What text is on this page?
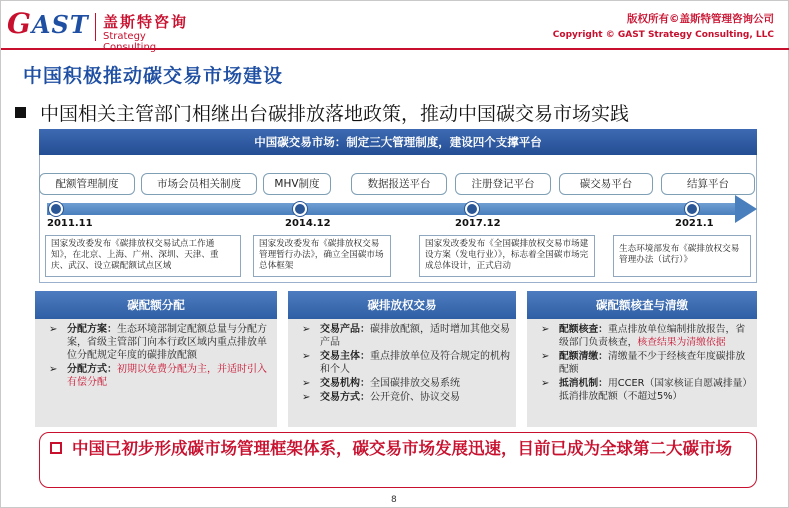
GAST 盖斯特咨询
Strategy
版权所有©盖斯特管理咨询公司
Copyright © GAST Strategy Consulting, LLC
中国积极推动碳交易市场建设
中国相关主管部门相继出台碳排放落地政策，推动中国碳交易市场实践
中国碳交易市场：制定三大管理制度，建设四个支撑平台
配额管理制度	市场会员相关制度	MHV制度	数据报送平台	注册登记平台	碳交易平台	结算平台
2011.11	2014.12	2017.12	2021.1
国家发改委发布《碳排放权交易试点工作通知》，在北京、上海、广州、深圳、天津、重庆、武汉、设立碳配额试点区域
国家发改委发布《碳排放权交易管理暂行办法》，确立全国碳市场总体框架
国家发改委发布《全国碳排放权交易市场建设方案（发电行业）》，标志着全国碳市场完成总体设计，正式启动
生态环境部发布《碳排放权交易管理办法（试行）》
碳配额分配
➢ 分配方案：生态环境部制定配额总量与分配方案，省级主管部门向本行政区域内重点排放单位分配规定年度的碳排放配额
➢ 分配方式：初期以免费分配为主，并适时引入有偿分配
碳排放权交易
➢ 交易产品：碳排放配额，适时增加其他交易产品
➢ 交易主体：重点排放单位及符合规定的机构和个人
➢ 交易机构：全国碳排放交易系统
➢ 交易方式：公开竞价、协议交易
碳配额核查与清缴
➢ 配额核查：重点排放单位编制排放报告，省级部门负责核查，核查结果为清缴依据
➢ 配额清缴：清缴量不少于经核查年度碳排放配额
➢ 抵消机制：用CCER（国家核证自愿减排量）抵消排放配额（不超过5%）
中国已初步形成碳市场管理框架体系，碳交易市场发展迅速，目前已成为全球第二大碳市场
8
